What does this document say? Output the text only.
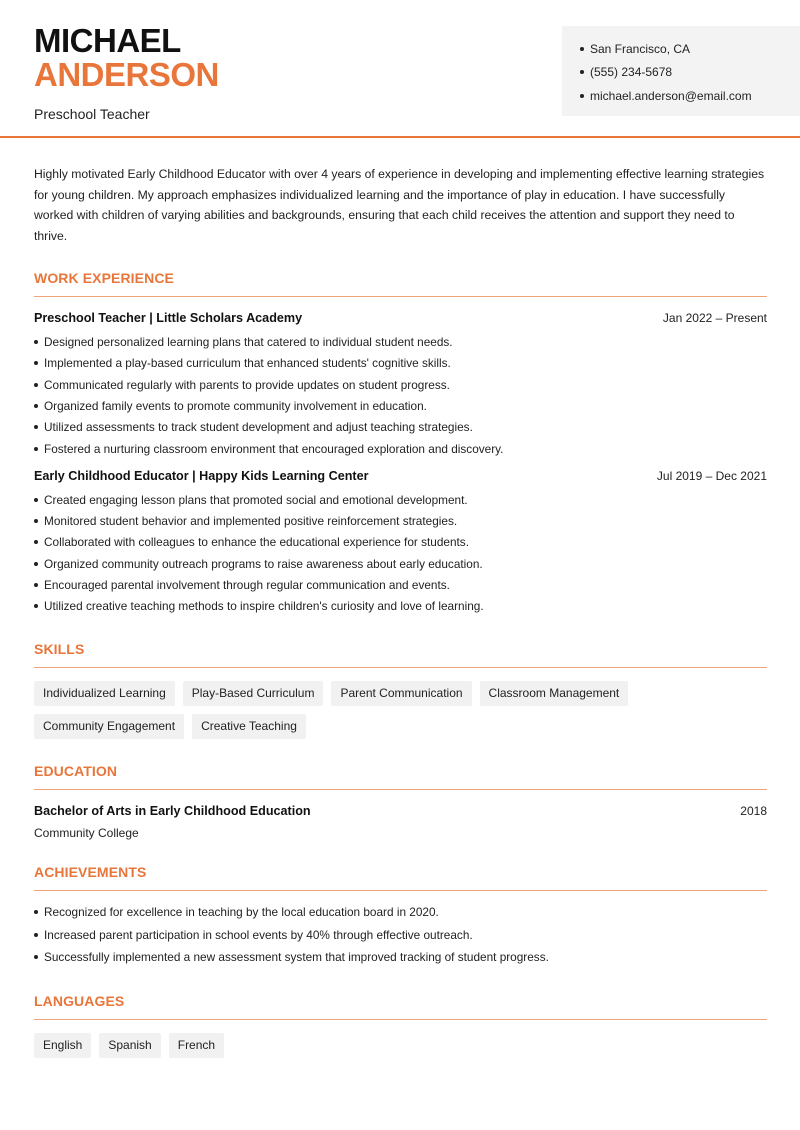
MICHAEL
ANDERSON
Preschool Teacher
San Francisco, CA
(555) 234-5678
michael.anderson@email.com

Highly motivated Early Childhood Educator with over 4 years of experience in developing and implementing effective learning strategies for young children. My approach emphasizes individualized learning and the importance of play in education. I have successfully worked with children of varying abilities and backgrounds, ensuring that each child receives the attention and support they need to thrive.

WORK EXPERIENCE
Preschool Teacher | Little Scholars Academy	Jan 2022 – Present
Designed personalized learning plans that catered to individual student needs.
Implemented a play-based curriculum that enhanced students' cognitive skills.
Communicated regularly with parents to provide updates on student progress.
Organized family events to promote community involvement in education.
Utilized assessments to track student development and adjust teaching strategies.
Fostered a nurturing classroom environment that encouraged exploration and discovery.
Early Childhood Educator | Happy Kids Learning Center	Jul 2019 – Dec 2021
Created engaging lesson plans that promoted social and emotional development.
Monitored student behavior and implemented positive reinforcement strategies.
Collaborated with colleagues to enhance the educational experience for students.
Organized community outreach programs to raise awareness about early education.
Encouraged parental involvement through regular communication and events.
Utilized creative teaching methods to inspire children's curiosity and love of learning.
SKILLS
Individualized Learning	Play-Based Curriculum	Parent Communication	Classroom Management
Community Engagement	Creative Teaching
EDUCATION
Bachelor of Arts in Early Childhood Education	2018
Community College
ACHIEVEMENTS
Recognized for excellence in teaching by the local education board in 2020.
Increased parent participation in school events by 40% through effective outreach.
Successfully implemented a new assessment system that improved tracking of student progress.
LANGUAGES
English	Spanish	French
